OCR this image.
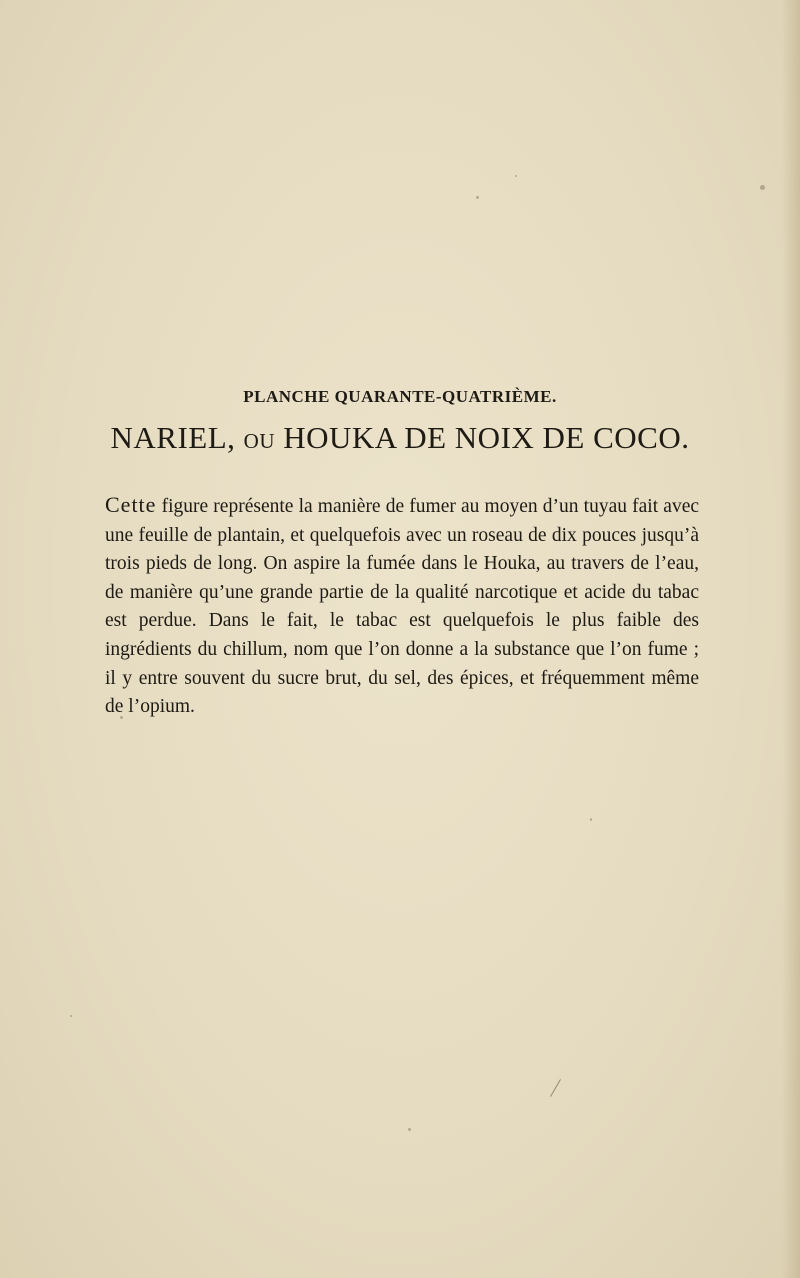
PLANCHE QUARANTE-QUATRIÈME.
NARIEL, OU HOUKA DE NOIX DE COCO.

Cette figure représente la manière de fumer au moyen d’un tuyau fait avec une feuille de plantain, et quelquefois avec un roseau de dix pouces jusqu’à trois pieds de long. On aspire la fumée dans le Houka, au travers de l’eau, de manière qu’une grande partie de la qualité narcotique et acide du tabac est perdue. Dans le fait, le tabac est quelquefois le plus faible des ingrédients du chillum, nom que l’on donne a la substance que l’on fume ; il y entre souvent du sucre brut, du sel, des épices, et fréquemment même de l’opium.
